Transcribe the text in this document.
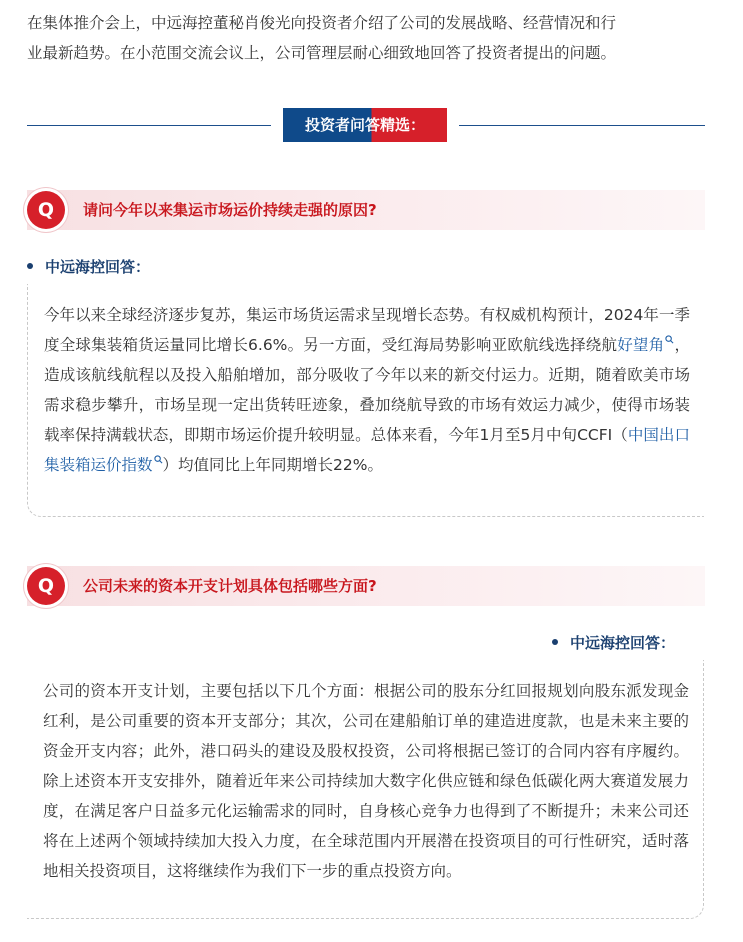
在集体推介会上，中远海控董秘肖俊光向投资者介绍了公司的发展战略、经营情况和行
业最新趋势。在小范围交流会议上，公司管理层耐心细致地回答了投资者提出的问题。

投资者问答精选：
Q	请问今年以来集运市场运价持续走强的原因?
中远海控回答：

今年以来全球经济逐步复苏，集运市场货运需求呈现增长态势。有权威机构预计，2024年一季度全球集装箱货运量同比增长6.6%。另一方面，受红海局势影响亚欧航线选择绕航好望角 ，造成该航线航程以及投入船舶增加，部分吸收了今年以来的新交付运力。近期，随着欧美市场需求稳步攀升，市场呈现一定出货转旺迹象，叠加绕航导致的市场有效运力减少，使得市场装载率保持满载状态，即期市场运价提升较明显。总体来看，今年1月至5月中旬CCFI（中国出口集装箱运价指数 ）均值同比上年同期增长22%。

Q	公司未来的资本开支计划具体包括哪些方面?
中远海控回答：

公司的资本开支计划，主要包括以下几个方面：根据公司的股东分红回报规划向股东派发现金红利，是公司重要的资本开支部分；其次，公司在建船舶订单的建造进度款，也是未来主要的资金开支内容；此外，港口码头的建设及股权投资，公司将根据已签订的合同内容有序履约。除上述资本开支安排外，随着近年来公司持续加大数字化供应链和绿色低碳化两大赛道发展力度，在满足客户日益多元化运输需求的同时，自身核心竞争力也得到了不断提升；未来公司还将在上述两个领域持续加大投入力度，在全球范围内开展潜在投资项目的可行性研究，适时落地相关投资项目，这将继续作为我们下一步的重点投资方向。
